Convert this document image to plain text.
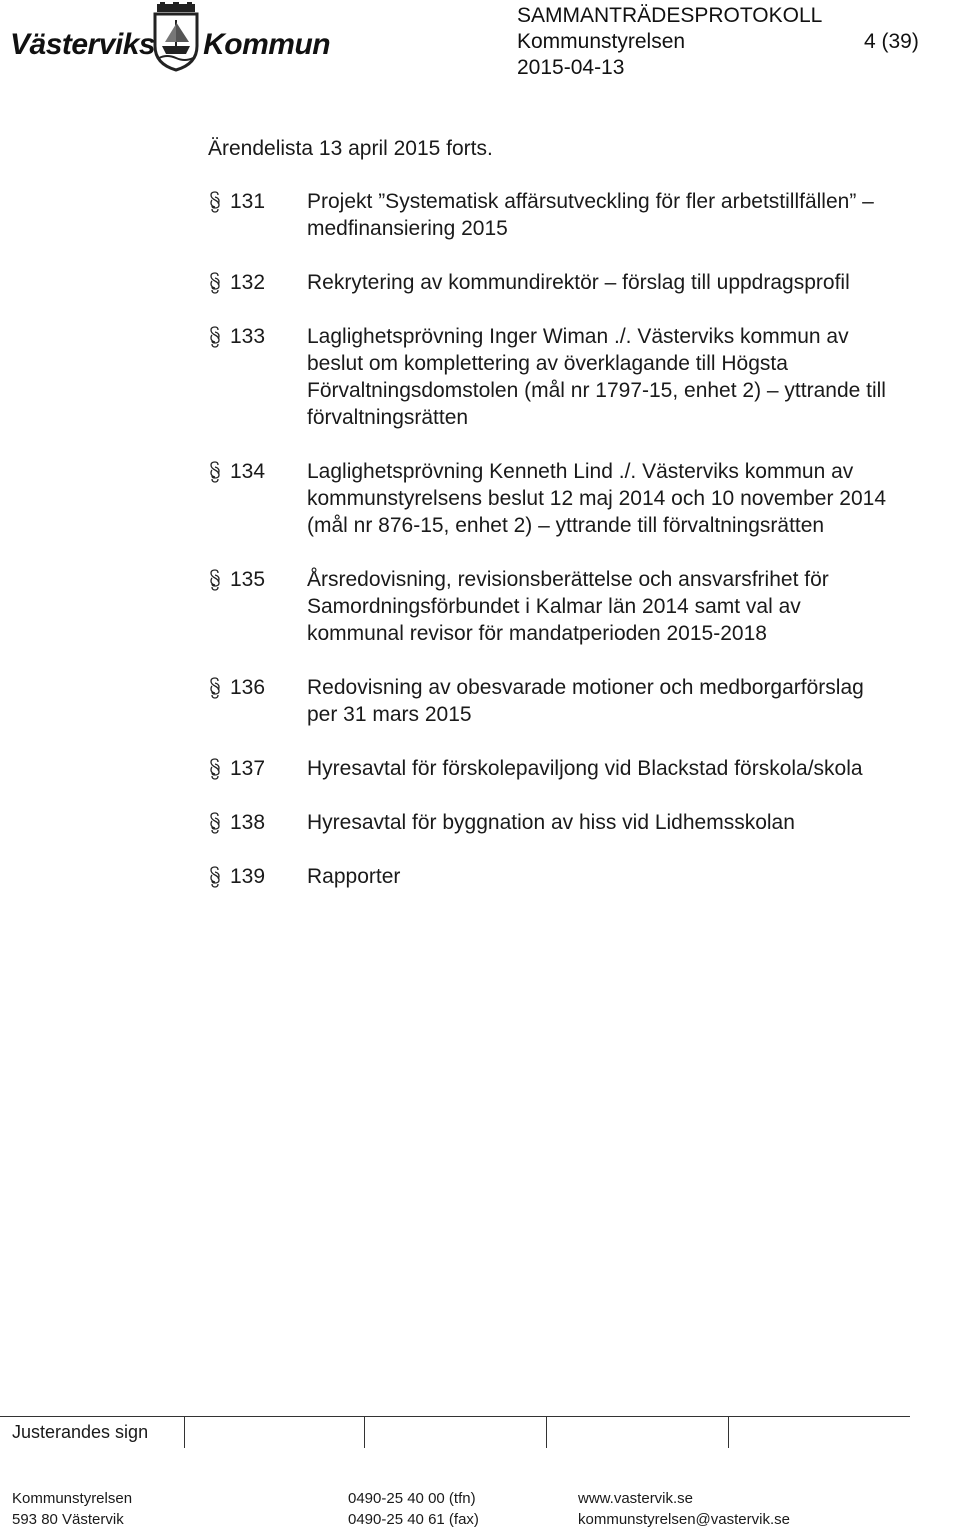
Västerviks Kommun
SAMMANTRÄDESPROTOKOLL
Kommunstyrelsen	4 (39)
2015-04-13
Ärendelista 13 april 2015 forts.
131 Projekt ”Systematisk affärsutveckling för fler arbetstillfällen” –
medfinansiering 2015
132 Rekrytering av kommundirektör – förslag till uppdragsprofil
133 Laglighetsprövning Inger Wiman ./. Västerviks kommun av
beslut om komplettering av överklagande till Högsta
Förvaltningsdomstolen (mål nr 1797-15, enhet 2) – yttrande till
förvaltningsrätten
134 Laglighetsprövning Kenneth Lind ./. Västerviks kommun av
kommunstyrelsens beslut 12 maj 2014 och 10 november 2014
(mål nr 876-15, enhet 2) – yttrande till förvaltningsrätten
135 Årsredovisning, revisionsberättelse och ansvarsfrihet för
Samordningsförbundet i Kalmar län 2014 samt val av
kommunal revisor för mandatperioden 2015-2018
136 Redovisning av obesvarade motioner och medborgarförslag
per 31 mars 2015
137 Hyresavtal för förskolepaviljong vid Blackstad förskola/skola
138 Hyresavtal för byggnation av hiss vid Lidhemsskolan
139 Rapporter
Justerandes sign
Kommunstyrelsen
593 80 Västervik
0490-25 40 00 (tfn)
0490-25 40 61 (fax)
www.vastervik.se
kommunstyrelsen@vastervik.se
